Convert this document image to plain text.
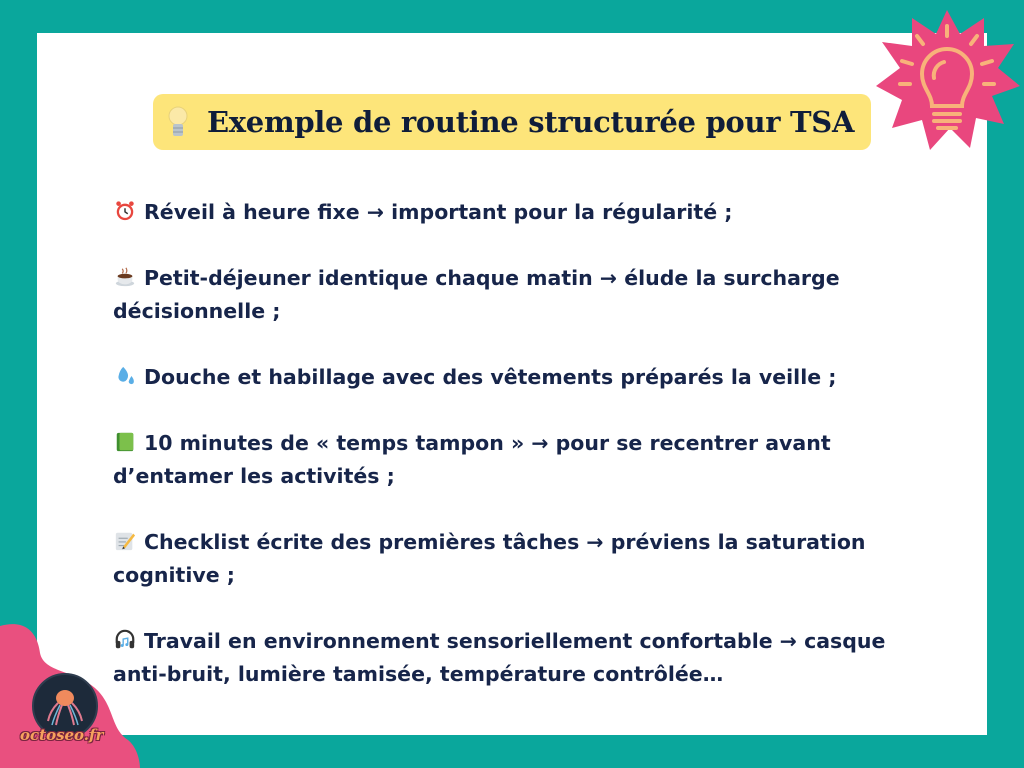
Exemple de routine structurée pour TSA
Réveil à heure fixe → important pour la régularité ;
Petit-déjeuner identique chaque matin → élude la surcharge décisionnelle ;
Douche et habillage avec des vêtements préparés la veille ;
10 minutes de « temps tampon » → pour se recentrer avant d’entamer les activités ;
Checklist écrite des premières tâches → préviens la saturation cognitive ;
Travail en environnement sensoriellement confortable → casque anti-bruit, lumière tamisée, température contrôlée…
octoseo.fr
